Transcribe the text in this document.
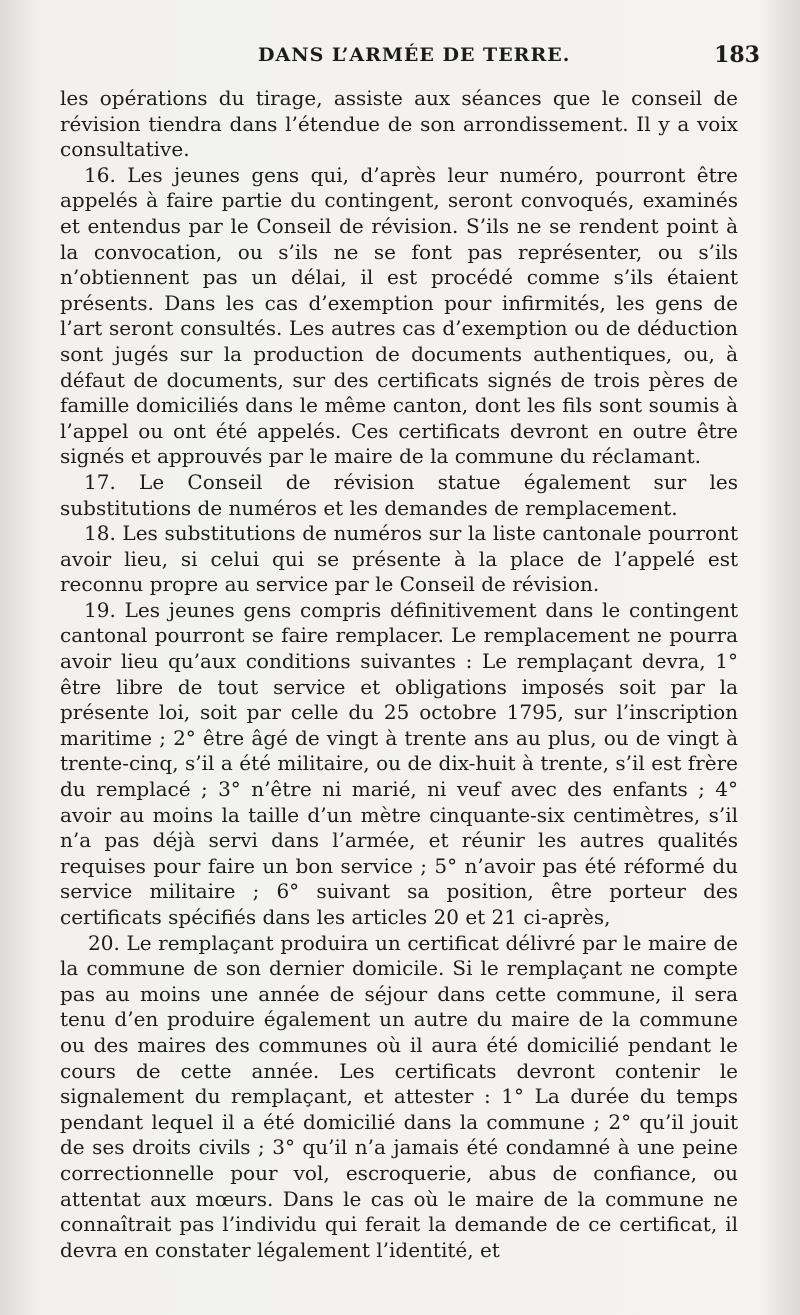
DANS L’ARMÉE DE TERRE.	183

les opérations du tirage, assiste aux séances que le conseil de révision tiendra dans l’étendue de son arrondissement. Il y a voix consultative.

16. Les jeunes gens qui, d’après leur numéro, pourront être appelés à faire partie du contingent, seront convoqués, examinés et entendus par le Conseil de révision. S’ils ne se rendent point à la convocation, ou s’ils ne se font pas représenter, ou s’ils n’obtiennent pas un délai, il est procédé comme s’ils étaient présents. Dans les cas d’exemption pour infirmités, les gens de l’art seront consultés. Les autres cas d’exemption ou de déduction sont jugés sur la production de documents authentiques, ou, à défaut de documents, sur des certificats signés de trois pères de famille domiciliés dans le même canton, dont les fils sont soumis à l’appel ou ont été appelés. Ces certificats devront en outre être signés et approuvés par le maire de la commune du réclamant.

17. Le Conseil de révision statue également sur les substitutions de numéros et les demandes de remplacement.

18. Les substitutions de numéros sur la liste cantonale pourront avoir lieu, si celui qui se présente à la place de l’appelé est reconnu propre au service par le Conseil de révision.

19. Les jeunes gens compris définitivement dans le contingent cantonal pourront se faire remplacer. Le remplacement ne pourra avoir lieu qu’aux conditions suivantes : Le remplaçant devra, 1° être libre de tout service et obligations imposés soit par la présente loi, soit par celle du 25 octobre 1795, sur l’inscription maritime ; 2° être âgé de vingt à trente ans au plus, ou de vingt à trente-cinq, s’il a été militaire, ou de dix-huit à trente, s’il est frère du remplacé ; 3° n’être ni marié, ni veuf avec des enfants ; 4° avoir au moins la taille d’un mètre cinquante-six centimètres, s’il n’a pas déjà servi dans l’armée, et réunir les autres qualités requises pour faire un bon service ; 5° n’avoir pas été réformé du service militaire ; 6° suivant sa position, être porteur des certificats spécifiés dans les articles 20 et 21 ci-après,

20. Le remplaçant produira un certificat délivré par le maire de la commune de son dernier domicile. Si le remplaçant ne compte pas au moins une année de séjour dans cette commune, il sera tenu d’en produire également un autre du maire de la commune ou des maires des communes où il aura été domicilié pendant le cours de cette année. Les certificats devront contenir le signalement du remplaçant, et attester : 1° La durée du temps pendant lequel il a été domicilié dans la commune ; 2° qu’il jouit de ses droits civils ; 3° qu’il n’a jamais été condamné à une peine correctionnelle pour vol, escroquerie, abus de confiance, ou attentat aux mœurs. Dans le cas où le maire de la commune ne connaîtrait pas l’individu qui ferait la demande de ce certificat, il devra en constater légalement l’identité, et
